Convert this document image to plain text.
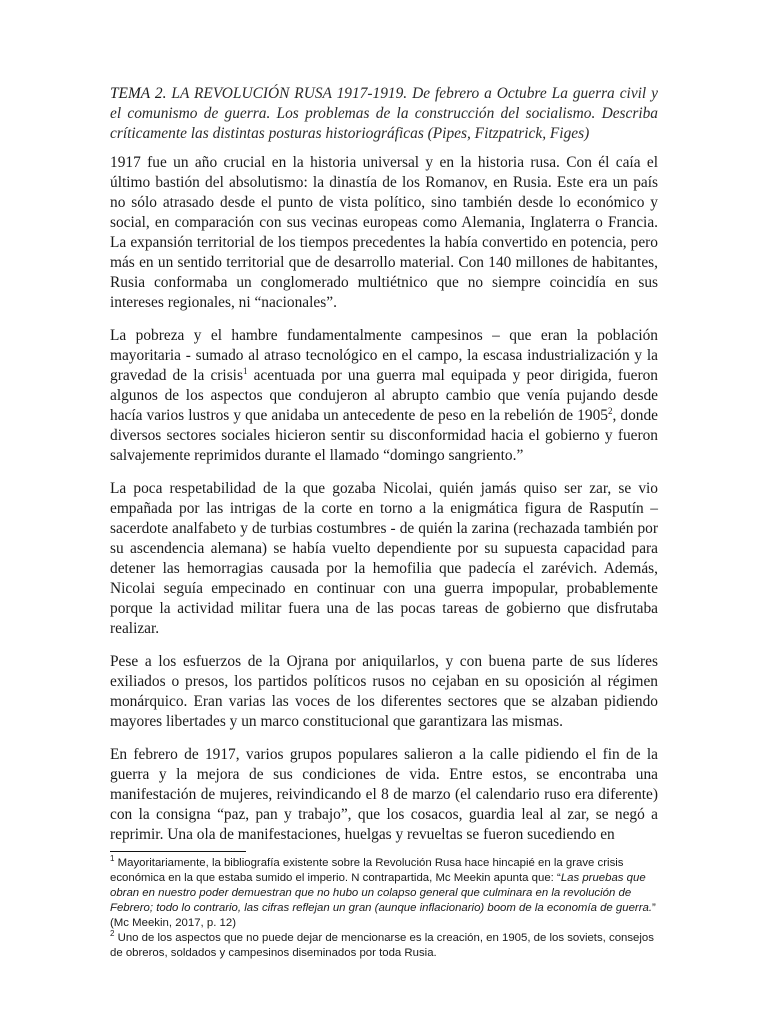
TEMA 2. LA REVOLUCIÓN RUSA 1917-1919. De febrero a Octubre La guerra civil y el comunismo de guerra. Los problemas de la construcción del socialismo. Describa críticamente las distintas posturas historiográficas (Pipes, Fitzpatrick, Figes)

1917 fue un año crucial en la historia universal y en la historia rusa. Con él caía el último bastión del absolutismo: la dinastía de los Romanov, en Rusia. Este era un país no sólo atrasado desde el punto de vista político, sino también desde lo económico y social, en comparación con sus vecinas europeas como Alemania, Inglaterra o Francia. La expansión territorial de los tiempos precedentes la había convertido en potencia, pero más en un sentido territorial que de desarrollo material. Con 140 millones de habitantes, Rusia conformaba un conglomerado multiétnico que no siempre coincidía en sus intereses regionales, ni “nacionales”.

La pobreza y el hambre fundamentalmente campesinos – que eran la población mayoritaria - sumado al atraso tecnológico en el campo, la escasa industrialización y la gravedad de la crisis$^1$ acentuada por una guerra mal equipada y peor dirigida, fueron algunos de los aspectos que condujeron al abrupto cambio que venía pujando desde hacía varios lustros y que anidaba un antecedente de peso en la rebelión de 1905$^2$, donde diversos sectores sociales hicieron sentir su disconformidad hacia el gobierno y fueron salvajemente reprimidos durante el llamado “domingo sangriento.”

La poca respetabilidad de la que gozaba Nicolai, quién jamás quiso ser zar, se vio empañada por las intrigas de la corte en torno a la enigmática figura de Rasputín – sacerdote analfabeto y de turbias costumbres - de quién la zarina (rechazada también por su ascendencia alemana) se había vuelto dependiente por su supuesta capacidad para detener las hemorragias causada por la hemofilia que padecía el zarévich. Además, Nicolai seguía empecinado en continuar con una guerra impopular, probablemente porque la actividad militar fuera una de las pocas tareas de gobierno que disfrutaba realizar.

Pese a los esfuerzos de la Ojrana por aniquilarlos, y con buena parte de sus líderes exiliados o presos, los partidos políticos rusos no cejaban en su oposición al régimen monárquico. Eran varias las voces de los diferentes sectores que se alzaban pidiendo mayores libertades y un marco constitucional que garantizara las mismas.

En febrero de 1917, varios grupos populares salieron a la calle pidiendo el fin de la guerra y la mejora de sus condiciones de vida. Entre estos, se encontraba una manifestación de mujeres, reivindicando el 8 de marzo (el calendario ruso era diferente) con la consigna “paz, pan y trabajo”, que los cosacos, guardia leal al zar, se negó a reprimir. Una ola de manifestaciones, huelgas y revueltas se fueron sucediendo en

$^1$ Mayoritariamente, la bibliografía existente sobre la Revolución Rusa hace hincapié en la grave crisis económica en la que estaba sumido el imperio. N contrapartida, Mc Meekin apunta que: “Las pruebas que obran en nuestro poder demuestran que no hubo un colapso general que culminara en la revolución de Febrero; todo lo contrario, las cifras reflejan un gran (aunque inflacionario) boom de la economía de guerra.” (Mc Meekin, 2017, p. 12)

$^2$ Uno de los aspectos que no puede dejar de mencionarse es la creación, en 1905, de los soviets, consejos de obreros, soldados y campesinos diseminados por toda Rusia.
